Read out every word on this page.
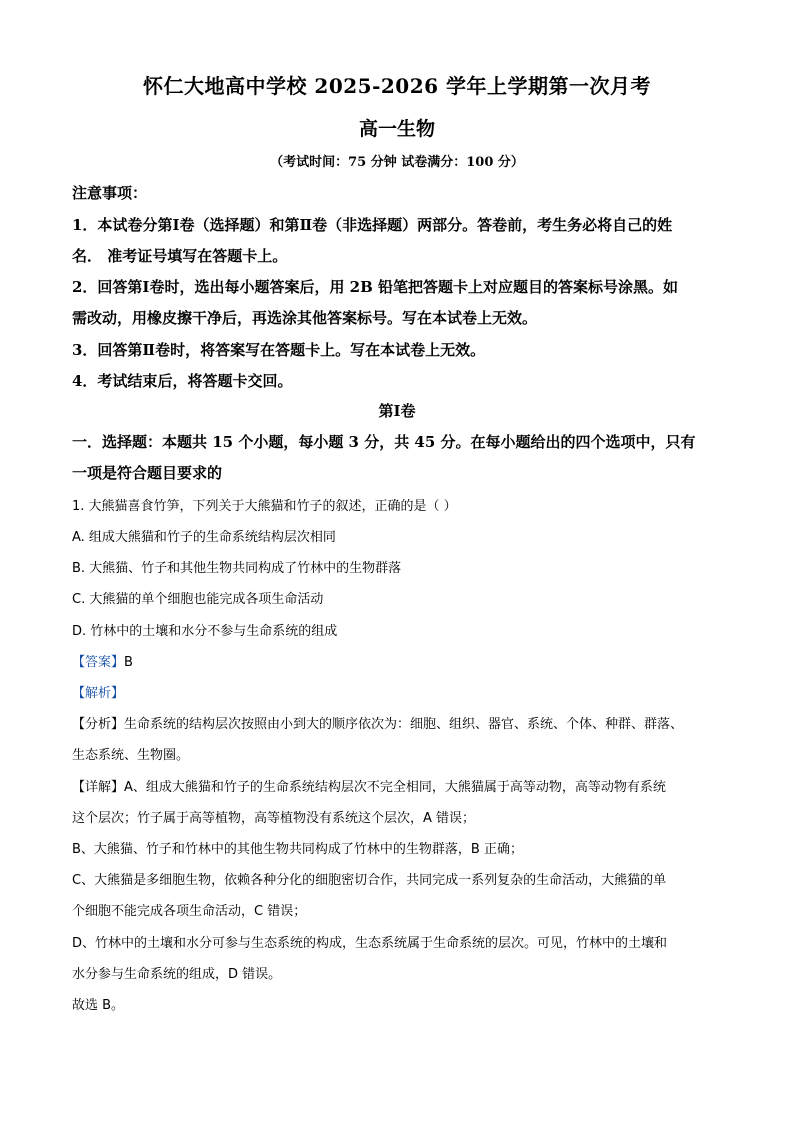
怀仁大地高中学校 2025-2026 学年上学期第一次月考
高一生物
（考试时间：75 分钟 试卷满分：100 分）
注意事项：
1．本试卷分第Ⅰ卷（选择题）和第Ⅱ卷（非选择题）两部分。答卷前，考生务必将自己的姓
名． 准考证号填写在答题卡上。
2．回答第Ⅰ卷时，选出每小题答案后，用 2B 铅笔把答题卡上对应题目的答案标号涂黑。如
需改动，用橡皮擦干净后，再选涂其他答案标号。写在本试卷上无效。
3．回答第Ⅱ卷时，将答案写在答题卡上。写在本试卷上无效。
4．考试结束后，将答题卡交回。
第Ⅰ卷
一．选择题：本题共 15 个小题，每小题 3 分，共 45 分。在每小题给出的四个选项中，只有
一项是符合题目要求的
1. 大熊猫喜食竹笋，下列关于大熊猫和竹子的叙述，正确的是（ ）
A. 组成大熊猫和竹子的生命系统结构层次相同
B. 大熊猫、竹子和其他生物共同构成了竹林中的生物群落
C. 大熊猫的单个细胞也能完成各项生命活动
D. 竹林中的土壤和水分不参与生命系统的组成
【答案】B
【解析】
【分析】生命系统的结构层次按照由小到大的顺序依次为：细胞、组织、器官、系统、个体、种群、群落、
生态系统、生物圈。
【详解】A、组成大熊猫和竹子的生命系统结构层次不完全相同，大熊猫属于高等动物，高等动物有系统
这个层次；竹子属于高等植物，高等植物没有系统这个层次，A 错误；
B、大熊猫、竹子和竹林中的其他生物共同构成了竹林中的生物群落，B 正确；
C、大熊猫是多细胞生物，依赖各种分化的细胞密切合作，共同完成一系列复杂的生命活动，大熊猫的单
个细胞不能完成各项生命活动，C 错误；
D、竹林中的土壤和水分可参与生态系统的构成，生态系统属于生命系统的层次。可见，竹林中的土壤和
水分参与生命系统的组成，D 错误。
故选 B。
